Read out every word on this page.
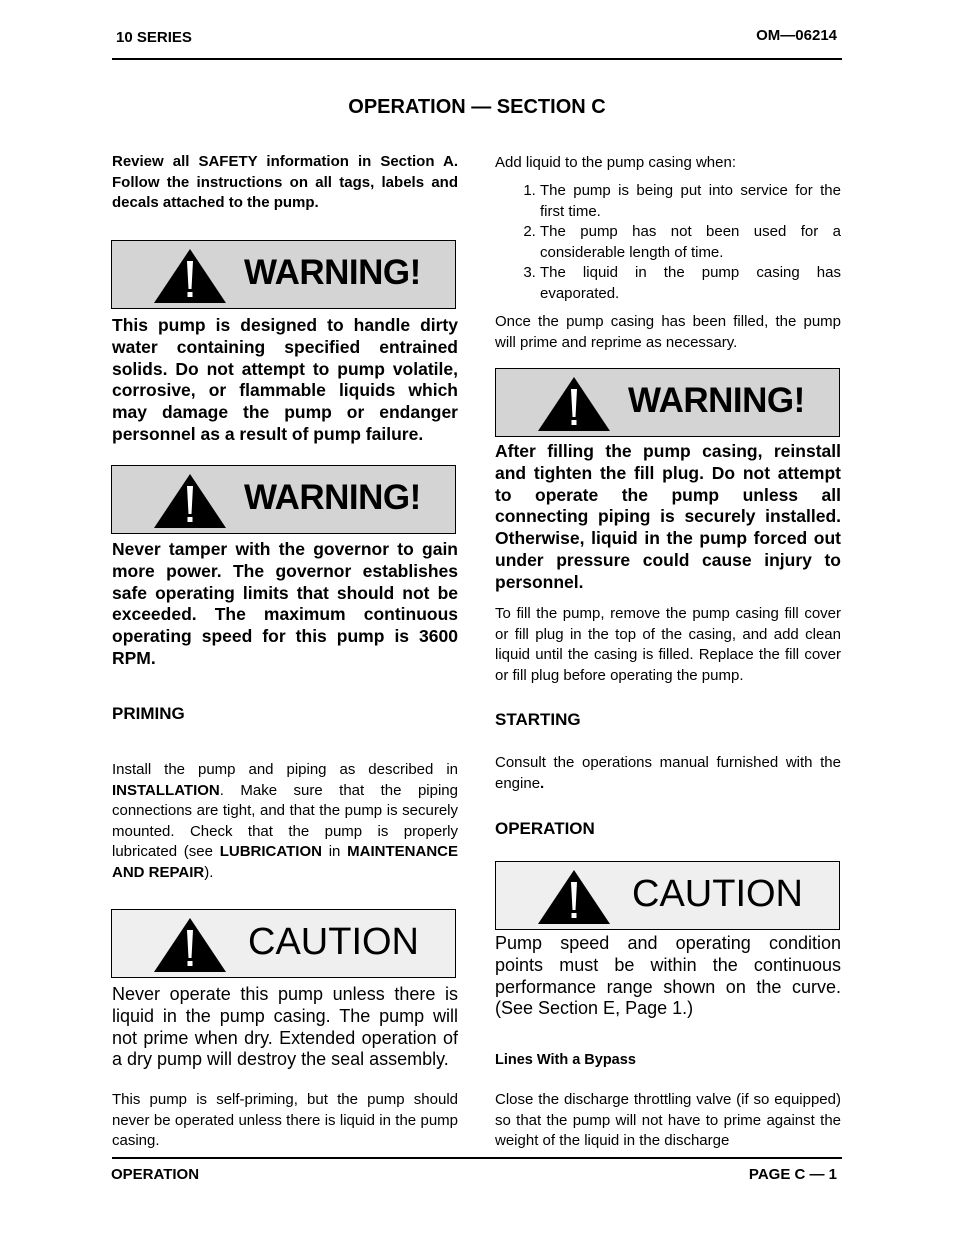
10 SERIES	OM—06214
OPERATION — SECTION C

Review all SAFETY information in Section A. Follow the instructions on all tags, labels and decals attached to the pump.

WARNING!

This pump is designed to handle dirty water containing specified entrained solids. Do not attempt to pump volatile, corrosive, or flammable liquids which may damage the pump or endanger personnel as a result of pump failure.

WARNING!

Never tamper with the governor to gain more power. The governor establishes safe operating limits that should not be exceeded. The maximum continuous operating speed for this pump is 3600 RPM.

PRIMING

Install the pump and piping as described in INSTALLATION. Make sure that the piping connections are tight, and that the pump is securely mounted. Check that the pump is properly lubricated (see LUBRICATION in MAINTENANCE AND REPAIR).

CAUTION

Never operate this pump unless there is liquid in the pump casing. The pump will not prime when dry. Extended operation of a dry pump will destroy the seal assembly.

This pump is self-priming, but the pump should never be operated unless there is liquid in the pump casing.

Add liquid to the pump casing when:

1. The pump is being put into service for the first time.
2. The pump has not been used for a considerable length of time.
3. The liquid in the pump casing has evaporated.

Once the pump casing has been filled, the pump will prime and reprime as necessary.

WARNING!

After filling the pump casing, reinstall and tighten the fill plug. Do not attempt to operate the pump unless all connecting piping is securely installed. Otherwise, liquid in the pump forced out under pressure could cause injury to personnel.

To fill the pump, remove the pump casing fill cover or fill plug in the top of the casing, and add clean liquid until the casing is filled. Replace the fill cover or fill plug before operating the pump.

STARTING

Consult the operations manual furnished with the engine.

OPERATION

CAUTION

Pump speed and operating condition points must be within the continuous performance range shown on the curve. (See Section E, Page 1.)

Lines With a Bypass

Close the discharge throttling valve (if so equipped) so that the pump will not have to prime against the weight of the liquid in the discharge

OPERATION	PAGE C — 1
